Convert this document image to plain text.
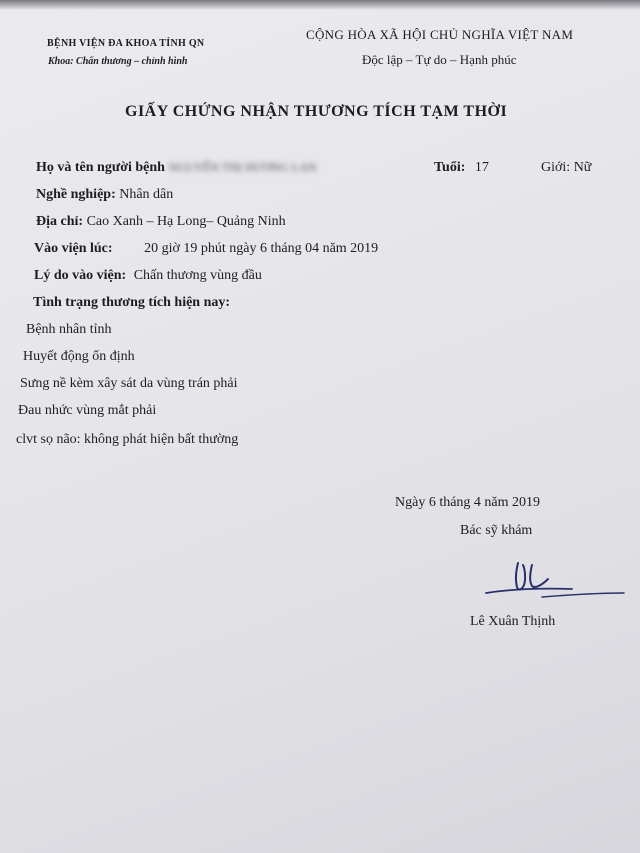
BỆNH VIỆN ĐA KHOA TỈNH QN
Khoa: Chấn thương – chỉnh hình
CỘNG HÒA XÃ HỘI CHỦ NGHĨA VIỆT NAM
Độc lập – Tự do – Hạnh phúc
GIẤY CHỨNG NHẬN THƯƠNG TÍCH TẠM THỜI
Họ và tên người bệnh NGUYỄN THỊ HƯƠNG LAN	Tuổi: 17	Giới: Nữ
Nghề nghiệp: Nhân dân
Địa chỉ: Cao Xanh – Hạ Long– Quảng Ninh
Vào viện lúc: 20 giờ 19 phút ngày 6 tháng 04 năm 2019
Lý do vào viện: Chấn thương vùng đầu
Tình trạng thương tích hiện nay:
Bệnh nhân tỉnh
Huyết động ổn định
Sưng nề kèm xây sát da vùng trán phải
Đau nhức vùng mắt phải
clvt sọ não: không phát hiện bất thường
Ngày 6 tháng 4 năm 2019
Bác sỹ khám
Lê Xuân Thịnh
